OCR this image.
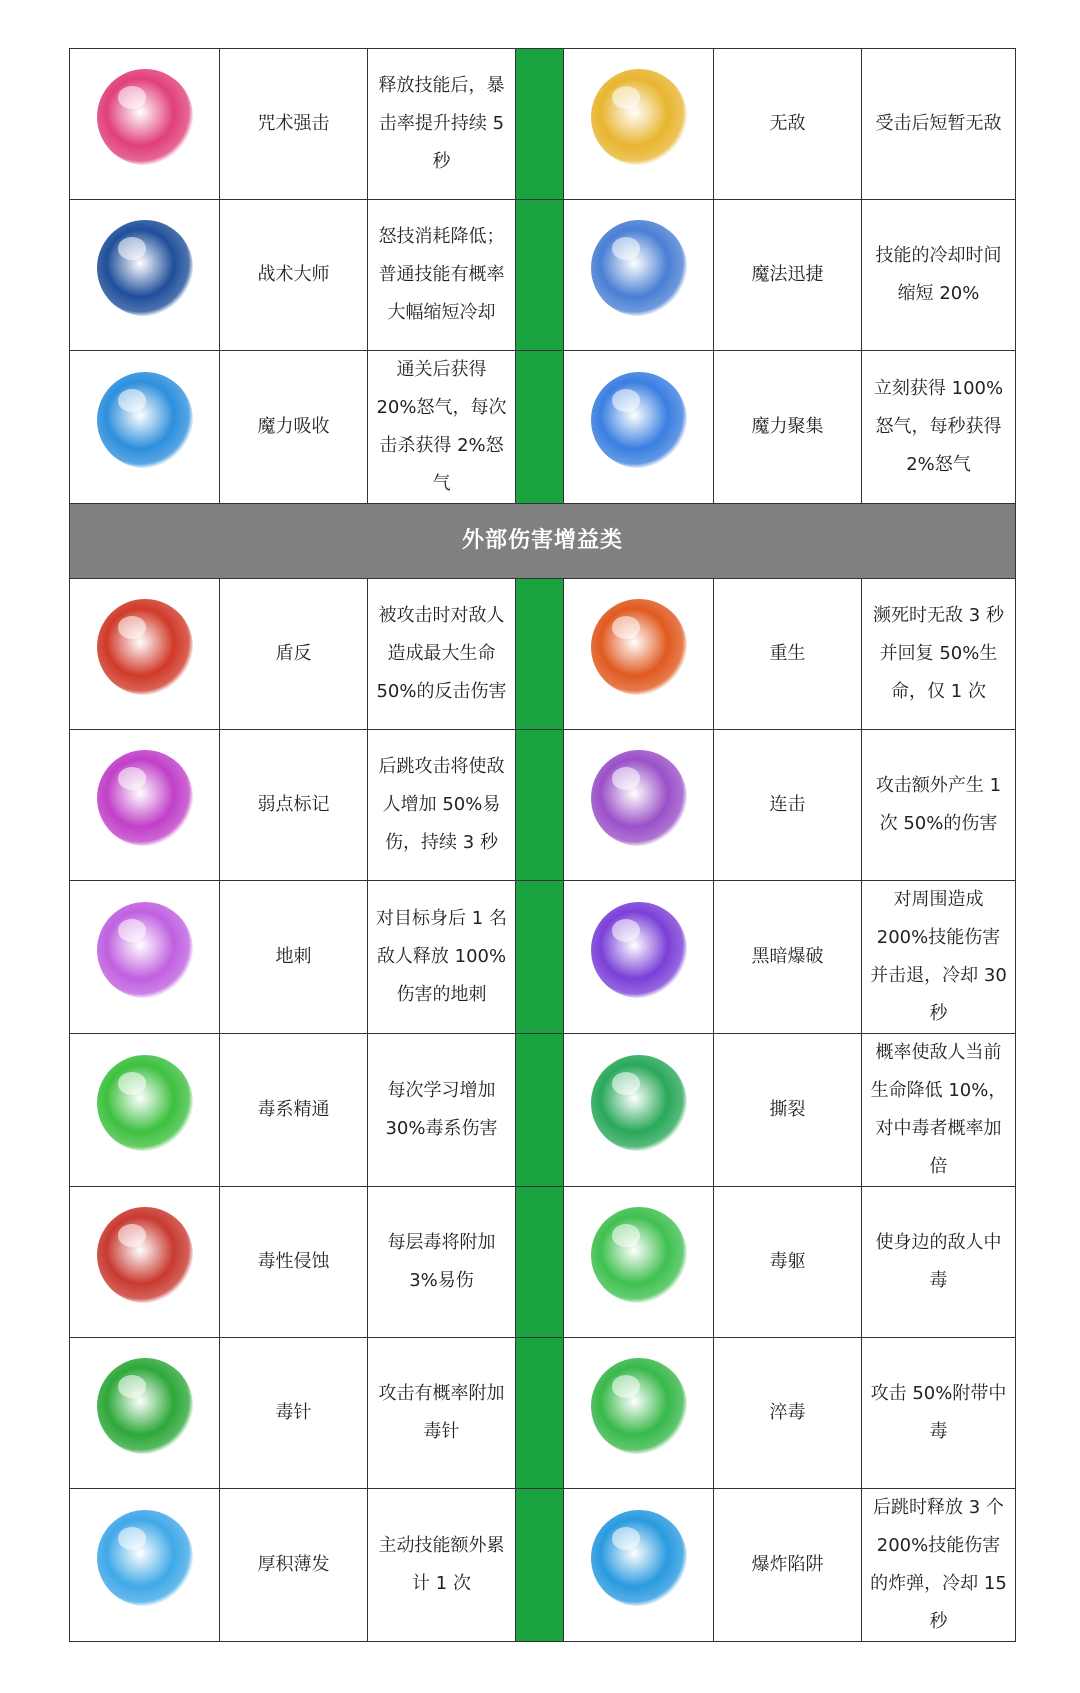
	咒术强击	释放技能后，暴击率提升持续 5 秒			无敌	受击后短暂无敌
	战术大师	怒技消耗降低；普通技能有概率大幅缩短冷却			魔法迅捷	技能的冷却时间缩短 20%
	魔力吸收	通关后获得 20%怒气，每次击杀获得 2%怒气			魔力聚集	立刻获得 100%怒气，每秒获得 2%怒气
外部伤害增益类						
	盾反	被攻击时对敌人造成最大生命 50%的反击伤害			重生	濒死时无敌 3 秒并回复 50%生命，仅 1 次
	弱点标记	后跳攻击将使敌人增加 50%易伤，持续 3 秒			连击	攻击额外产生 1 次 50%的伤害
	地刺	对目标身后 1 名敌人释放 100%伤害的地刺			黑暗爆破	对周围造成 200%技能伤害并击退，冷却 30 秒
	毒系精通	每次学习增加 30%毒系伤害			撕裂	概率使敌人当前生命降低 10%，对中毒者概率加倍
	毒性侵蚀	每层毒将附加 3%易伤			毒躯	使身边的敌人中毒
	毒针	攻击有概率附加毒针			淬毒	攻击 50%附带中毒
	厚积薄发	主动技能额外累计 1 次			爆炸陷阱	后跳时释放 3 个 200%技能伤害的炸弹，冷却 15 秒
